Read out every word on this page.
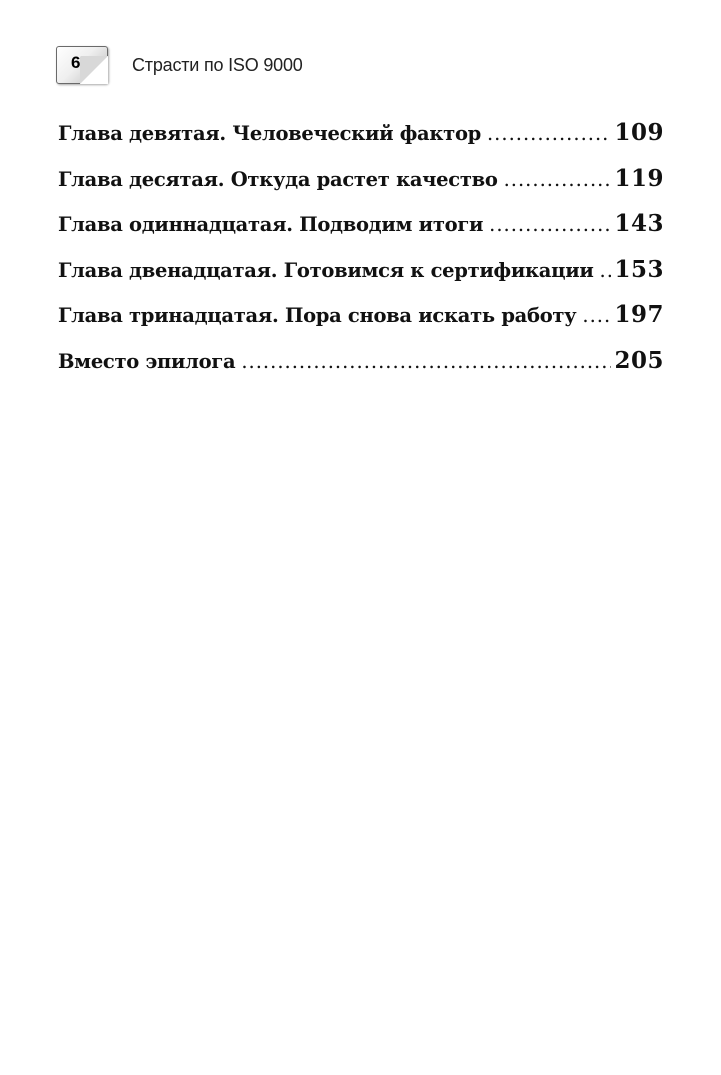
6	Страсти по ISO 9000
Глава девятая. Человеческий фактор .....	109
Глава десятая. Откуда растет качество .....	119
Глава одиннадцатая. Подводим итоги .....	143
Глава двенадцатая. Готовимся к сертификации ..... 153
Глава тринадцатая. Пора снова искать работу ..... 197
Вместо эпилога .....	205
